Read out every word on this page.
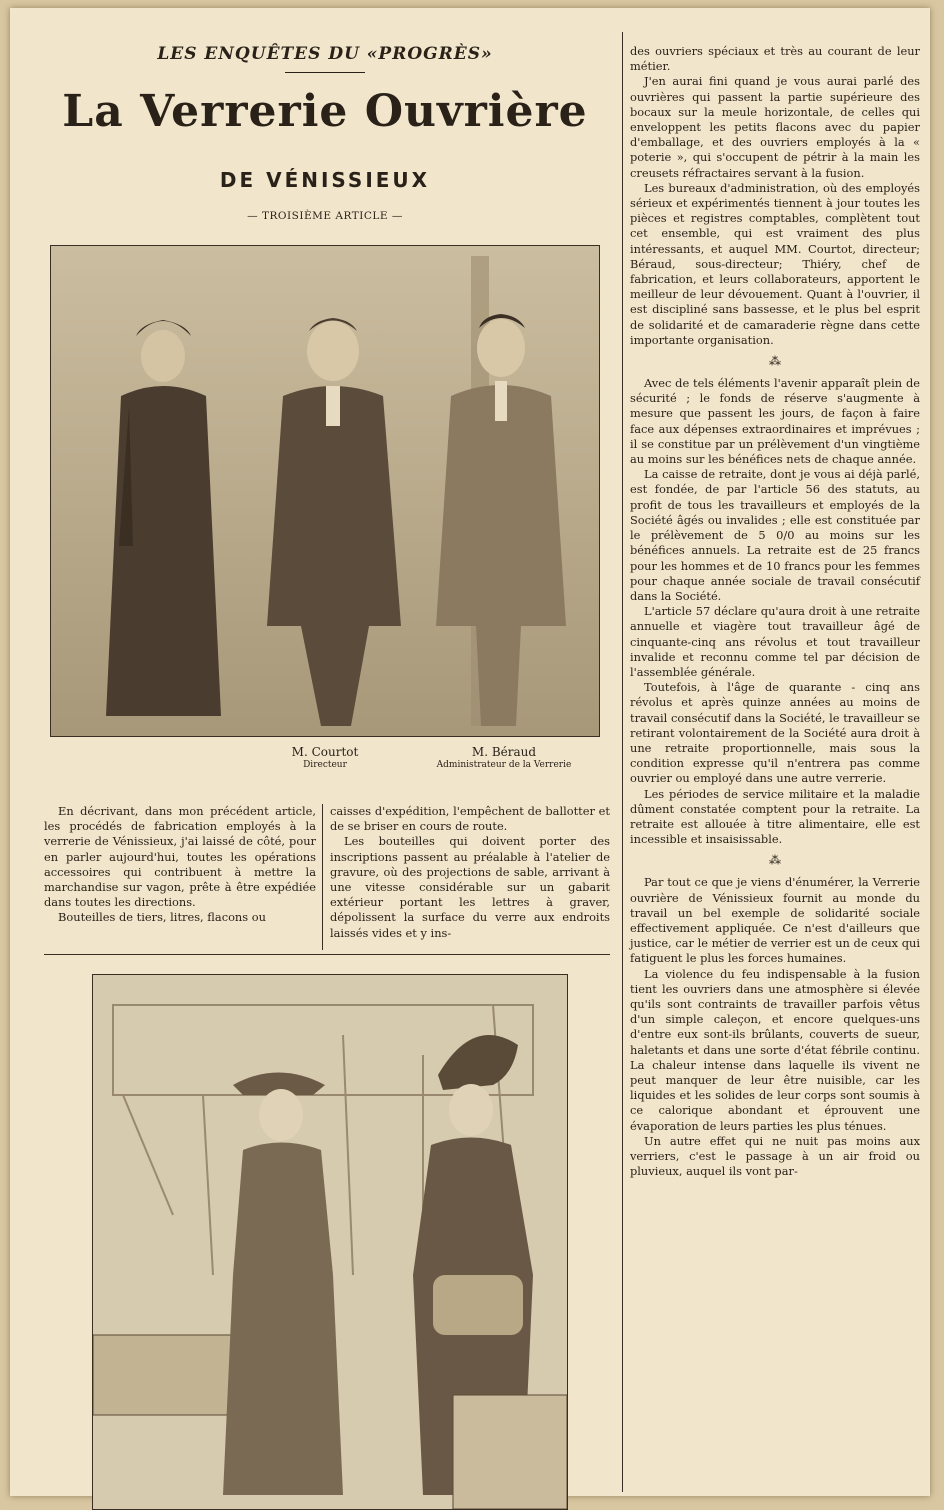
LES ENQUÊTES DU «PROGRÈS»
La Verrerie Ouvrière
DE VÉNISSIEUX
— TROISIÈME ARTICLE —
M. Courtot
Directeur
M. Béraud
Administrateur de la Verrerie

En décrivant, dans mon précédent article, les procédés de fabrication employés à la verrerie de Vénissieux, j'ai laissé de côté, pour en parler aujourd'hui, toutes les opérations accessoires qui contribuent à mettre la marchandise sur vagon, prête à être expédiée dans toutes les directions.

Bouteilles de tiers, litres, flacons ou

caisses d'expédition, l'empêchent de ballotter et de se briser en cours de route.

Les bouteilles qui doivent porter des inscriptions passent au préalable à l'atelier de gravure, où des projections de sable, arrivant à une vitesse considérable sur un gabarit extérieur portant les lettres à graver, dépolissent la surface du verre aux endroits laissés vides et y ins-

des ouvriers spéciaux et très au courant de leur métier.

J'en aurai fini quand je vous aurai parlé des ouvrières qui passent la partie supérieure des bocaux sur la meule horizontale, de celles qui enveloppent les petits flacons avec du papier d'emballage, et des ouvriers employés à la « poterie », qui s'occupent de pétrir à la main les creusets réfractaires servant à la fusion.

Les bureaux d'administration, où des employés sérieux et expérimentés tiennent à jour toutes les pièces et registres comptables, complètent tout cet ensemble, qui est vraiment des plus intéressants, et auquel MM. Courtot, directeur; Béraud, sous-directeur; Thiéry, chef de fabrication, et leurs collaborateurs, apportent le meilleur de leur dévouement. Quant à l'ouvrier, il est discipliné sans bassesse, et le plus bel esprit de solidarité et de camaraderie règne dans cette importante organisation.

⁂

Avec de tels éléments l'avenir apparaît plein de sécurité ; le fonds de réserve s'augmente à mesure que passent les jours, de façon à faire face aux dépenses extraordinaires et imprévues ; il se constitue par un prélèvement d'un vingtième au moins sur les bénéfices nets de chaque année.

La caisse de retraite, dont je vous ai déjà parlé, est fondée, de par l'article 56 des statuts, au profit de tous les travailleurs et employés de la Société âgés ou invalides ; elle est constituée par le prélèvement de 5 0/0 au moins sur les bénéfices annuels. La retraite est de 25 francs pour les hommes et de 10 francs pour les femmes pour chaque année sociale de travail consécutif dans la Société.

L'article 57 déclare qu'aura droit à une retraite annuelle et viagère tout travailleur âgé de cinquante-cinq ans révolus et tout travailleur invalide et reconnu comme tel par décision de l'assemblée générale.

Toutefois, à l'âge de quarante - cinq ans révolus et après quinze années au moins de travail consécutif dans la Société, le travailleur se retirant volontairement de la Société aura droit à une retraite proportionnelle, mais sous la condition expresse qu'il n'entrera pas comme ouvrier ou employé dans une autre verrerie.

Les périodes de service militaire et la maladie dûment constatée comptent pour la retraite. La retraite est allouée à titre alimentaire, elle est incessible et insaisissable.

⁂

Par tout ce que je viens d'énumérer, la Verrerie ouvrière de Vénissieux fournit au monde du travail un bel exemple de solidarité sociale effectivement appliquée. Ce n'est d'ailleurs que justice, car le métier de verrier est un de ceux qui fatiguent le plus les forces humaines.

La violence du feu indispensable à la fusion tient les ouvriers dans une atmosphère si élevée qu'ils sont contraints de travailler parfois vêtus d'un simple caleçon, et encore quelques-uns d'entre eux sont-ils brûlants, couverts de sueur, haletants et dans une sorte d'état fébrile continu. La chaleur intense dans laquelle ils vivent ne peut manquer de leur être nuisible, car les liquides et les solides de leur corps sont soumis à ce calorique abondant et éprouvent une évaporation de leurs parties les plus ténues.

Un autre effet qui ne nuit pas moins aux verriers, c'est le passage à un air froid ou pluvieux, auquel ils vont par-
